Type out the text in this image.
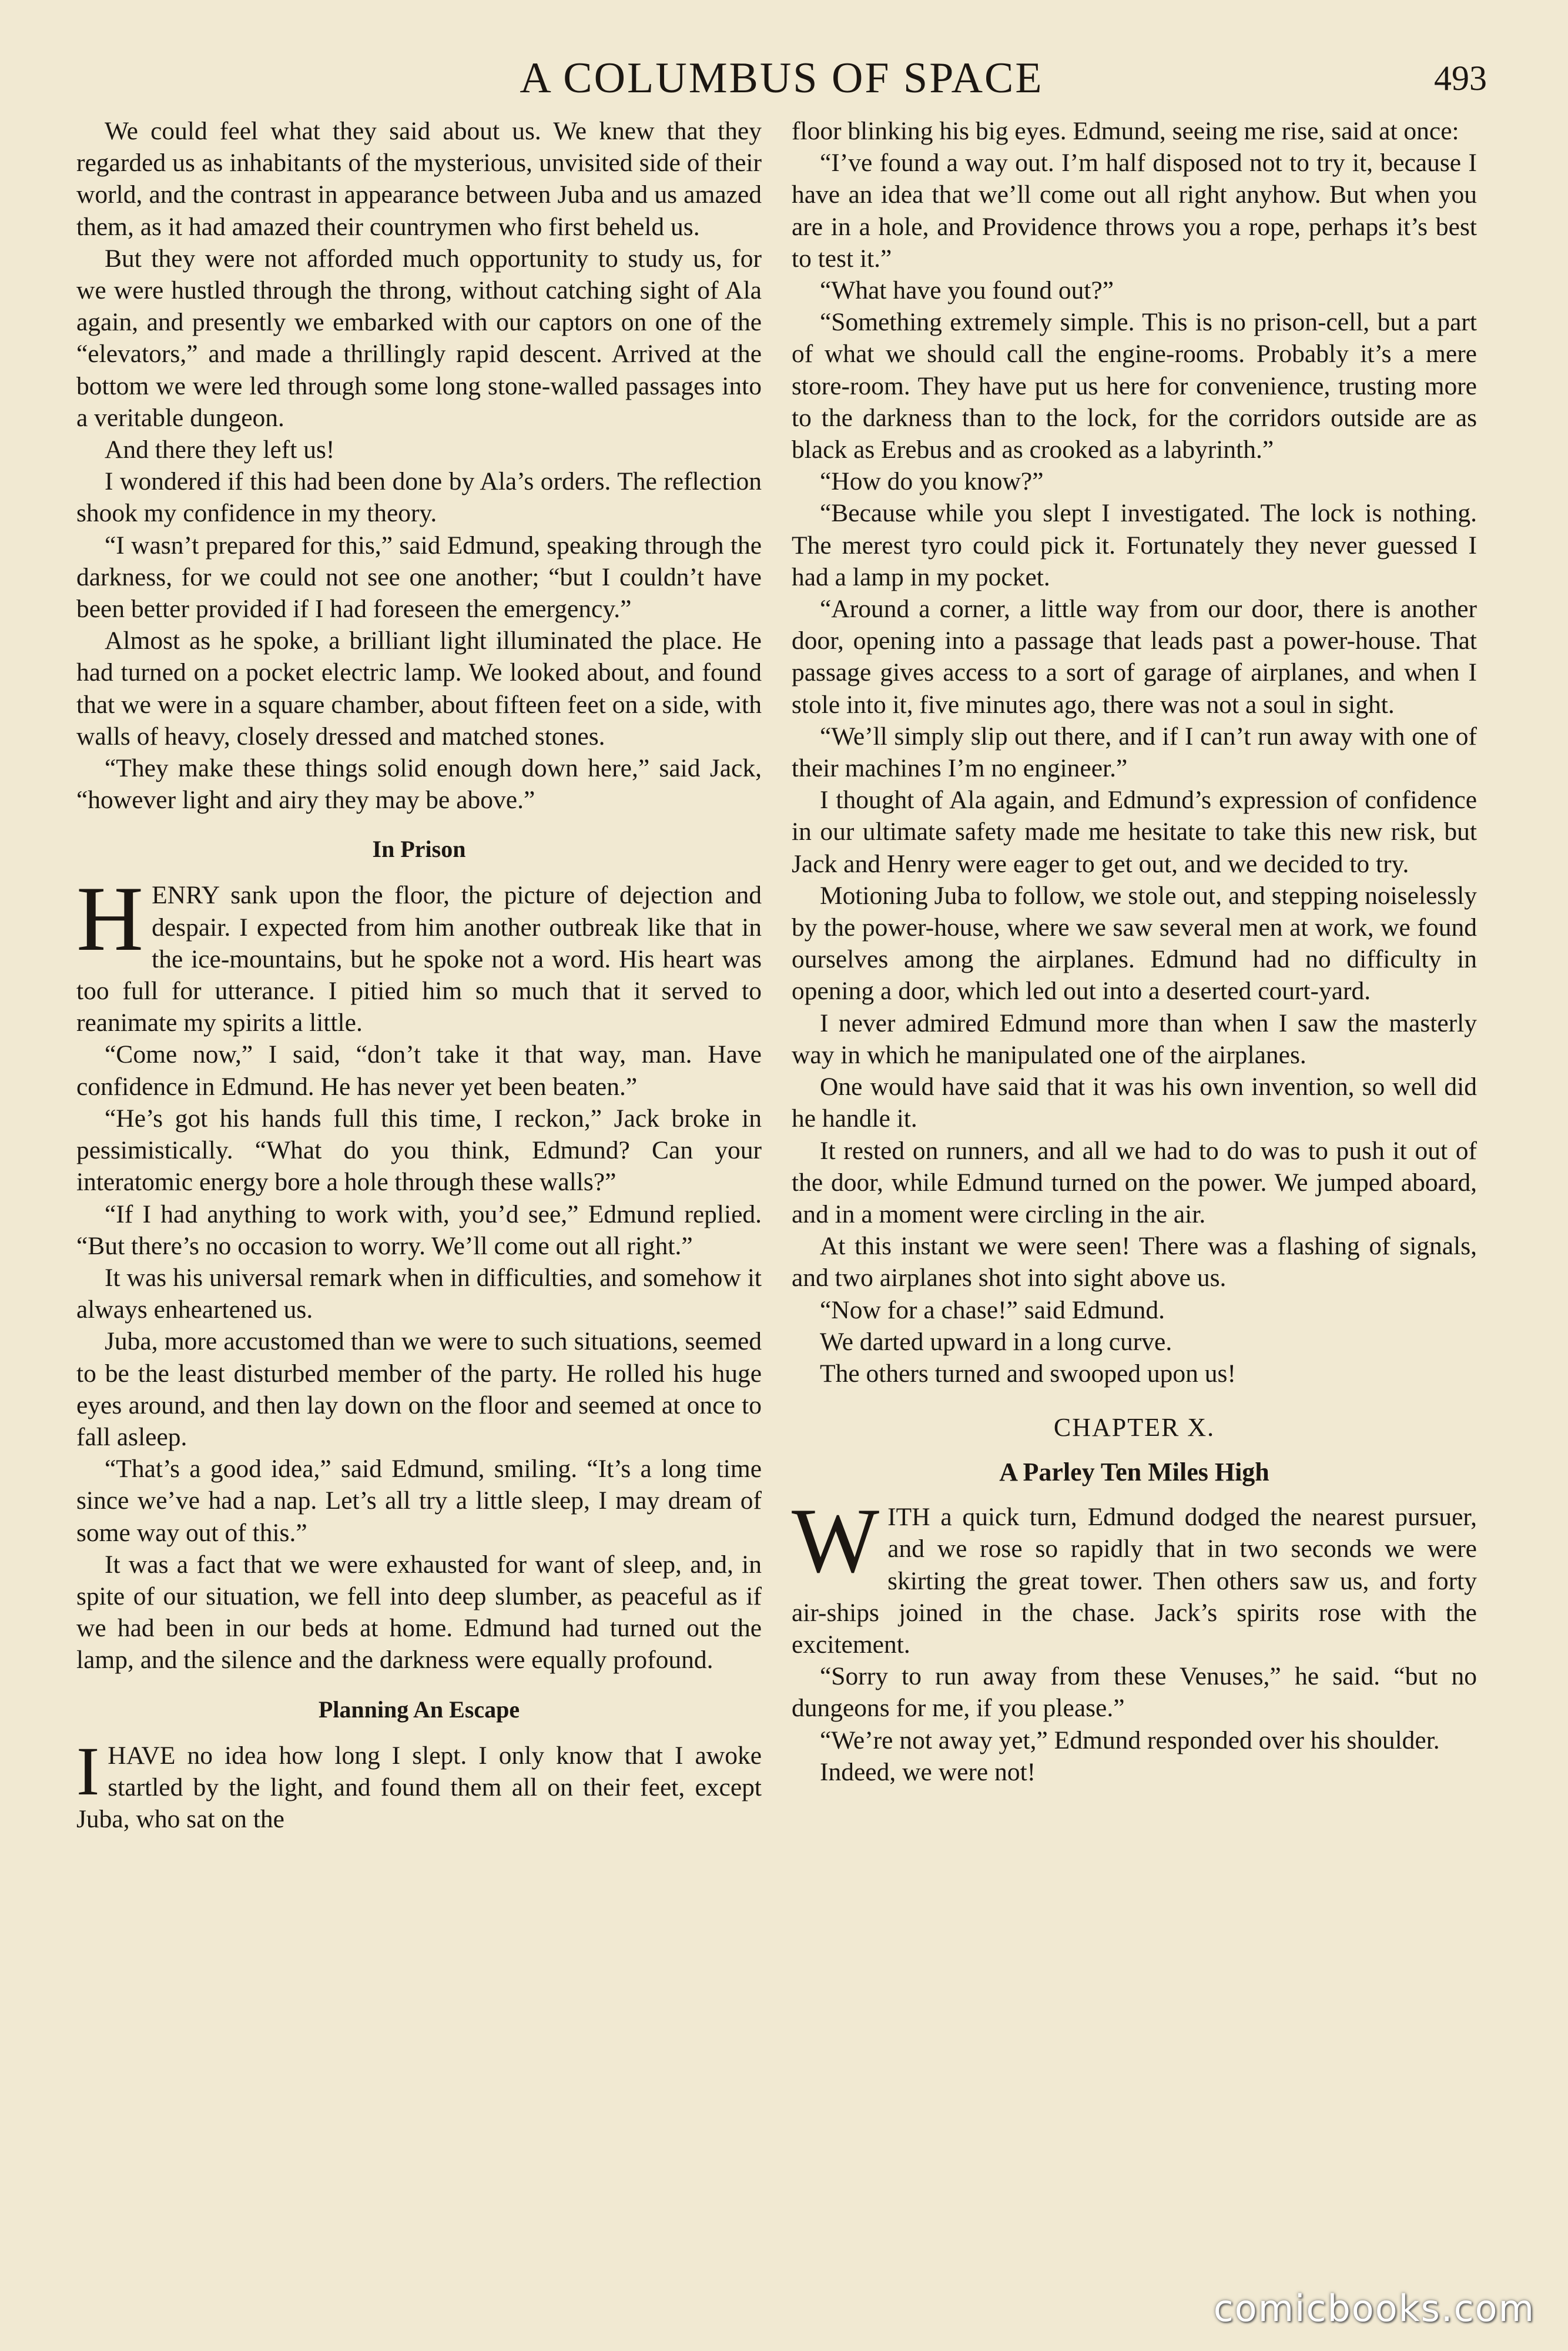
A COLUMBUS OF SPACE	493

We could feel what they said about us. We knew that they regarded us as inhabitants of the mysterious, unvisited side of their world, and the contrast in appearance between Juba and us amazed them, as it had amazed their countrymen who first beheld us.

But they were not afforded much opportunity to study us, for we were hustled through the throng, without catching sight of Ala again, and presently we embarked with our captors on one of the “elevators,” and made a thrillingly rapid descent. Arrived at the bottom we were led through some long stone-walled passages into a veritable dungeon.

And there they left us!

I wondered if this had been done by Ala’s orders. The reflection shook my confidence in my theory.

“I wasn’t prepared for this,” said Edmund, speaking through the darkness, for we could not see one another; “but I couldn’t have been better provided if I had foreseen the emergency.”

Almost as he spoke, a brilliant light illuminated the place. He had turned on a pocket electric lamp. We looked about, and found that we were in a square chamber, about fifteen feet on a side, with walls of heavy, closely dressed and matched stones.

“They make these things solid enough down here,” said Jack, “however light and airy they may be above.”

In Prison

HENRY sank upon the floor, the picture of dejection and despair. I expected from him another outbreak like that in the ice-mountains, but he spoke not a word. His heart was too full for utterance. I pitied him so much that it served to reanimate my spirits a little.

“Come now,” I said, “don’t take it that way, man. Have confidence in Edmund. He has never yet been beaten.”

“He’s got his hands full this time, I reckon,” Jack broke in pessimistically. “What do you think, Edmund? Can your interatomic energy bore a hole through these walls?”

“If I had anything to work with, you’d see,” Edmund replied. “But there’s no occasion to worry. We’ll come out all right.”

It was his universal remark when in difficulties, and somehow it always enheartened us.

Juba, more accustomed than we were to such situations, seemed to be the least disturbed member of the party. He rolled his huge eyes around, and then lay down on the floor and seemed at once to fall asleep.

“That’s a good idea,” said Edmund, smiling. “It’s a long time since we’ve had a nap. Let’s all try a little sleep, I may dream of some way out of this.”

It was a fact that we were exhausted for want of sleep, and, in spite of our situation, we fell into deep slumber, as peaceful as if we had been in our beds at home. Edmund had turned out the lamp, and the silence and the darkness were equally profound.

Planning An Escape

IHAVE no idea how long I slept. I only know that I awoke startled by the light, and found them all on their feet, except Juba, who sat on the

floor blinking his big eyes. Edmund, seeing me rise, said at once:

“I’ve found a way out. I’m half disposed not to try it, because I have an idea that we’ll come out all right anyhow. But when you are in a hole, and Providence throws you a rope, perhaps it’s best to test it.”

“What have you found out?”

“Something extremely simple. This is no prison-cell, but a part of what we should call the engine-rooms. Probably it’s a mere store-room. They have put us here for convenience, trusting more to the darkness than to the lock, for the corridors outside are as black as Erebus and as crooked as a labyrinth.”

“How do you know?”

“Because while you slept I investigated. The lock is nothing. The merest tyro could pick it. Fortunately they never guessed I had a lamp in my pocket.

“Around a corner, a little way from our door, there is another door, opening into a passage that leads past a power-house. That passage gives access to a sort of garage of airplanes, and when I stole into it, five minutes ago, there was not a soul in sight.

“We’ll simply slip out there, and if I can’t run away with one of their machines I’m no engineer.”

I thought of Ala again, and Edmund’s expression of confidence in our ultimate safety made me hesitate to take this new risk, but Jack and Henry were eager to get out, and we decided to try.

Motioning Juba to follow, we stole out, and stepping noiselessly by the power-house, where we saw several men at work, we found ourselves among the airplanes. Edmund had no difficulty in opening a door, which led out into a deserted court-yard.

I never admired Edmund more than when I saw the masterly way in which he manipulated one of the airplanes.

One would have said that it was his own invention, so well did he handle it.

It rested on runners, and all we had to do was to push it out of the door, while Edmund turned on the power. We jumped aboard, and in a moment were circling in the air.

At this instant we were seen! There was a flashing of signals, and two airplanes shot into sight above us.

“Now for a chase!” said Edmund.

We darted upward in a long curve.

The others turned and swooped upon us!

CHAPTER X.
A Parley Ten Miles High

WITH a quick turn, Edmund dodged the nearest pursuer, and we rose so rapidly that in two seconds we were skirting the great tower. Then others saw us, and forty air-ships joined in the chase. Jack’s spirits rose with the excitement.

“Sorry to run away from these Venuses,” he said. “but no dungeons for me, if you please.”

“We’re not away yet,” Edmund responded over his shoulder.

Indeed, we were not!

comicbooks.com
